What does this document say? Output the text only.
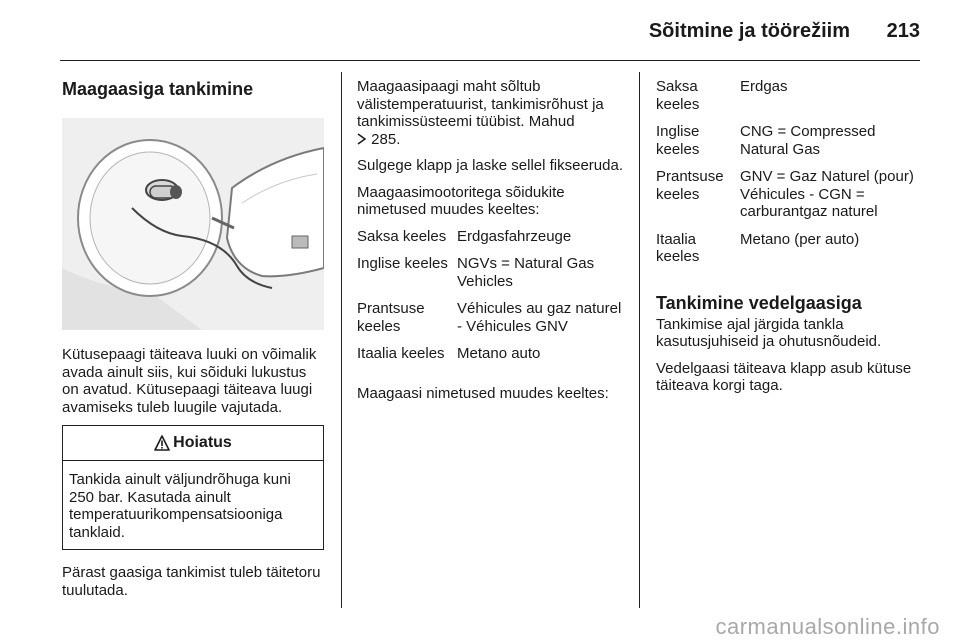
Sõitmine ja töörežiim	213
Maagaasiga tankimine

Kütusepaagi täiteava luuki on võimalik avada ainult siis, kui sõiduki lukustus on avatud. Kütusepaagi täiteava luugi avamiseks tuleb luugile vajutada.

Hoiatus
Tankida ainult väljundrõhuga kuni 250 bar. Kasutada ainult temperatuurikompensatsiooniga tanklaid.

Pärast gaasiga tankimist tuleb täitetoru tuulutada.

Maagaasipaagi maht sõltub välistemperatuurist, tankimisrõhust ja tankimissüsteemi tüübist. Mahud
285.

Sulgege klapp ja laske sellel fikseeruda.

Maagaasimootoritega sõidukite nimetused muudes keeltes:

Saksa keeles	Erdgasfahrzeuge
Inglise keeles	NGVs = Natural Gas Vehicles
Prantsuse keeles	Véhicules au gaz naturel - Véhicules GNV
Itaalia keeles	Metano auto

Maagaasi nimetused muudes keeltes:

Saksa keeles	Erdgas
Inglise keeles	CNG = Compressed Natural Gas
Prantsuse keeles	GNV = Gaz Naturel (pour) Véhicules - CGN = carburantgaz naturel
Itaalia keeles	Metano (per auto)
Tankimine vedelgaasiga

Tankimise ajal järgida tankla kasutusjuhiseid ja ohutusnõudeid.

Vedelgaasi täiteava klapp asub kütuse täiteava korgi taga.

carmanualsonline.info
